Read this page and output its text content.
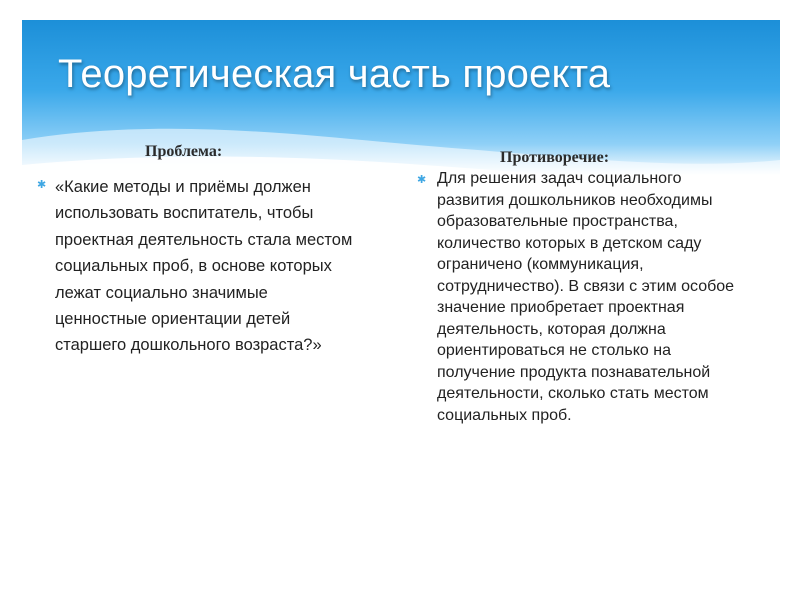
Теоретическая часть проекта
Проблема:
✱ «Какие методы и приёмы должен использовать воспитатель, чтобы проектная деятельность стала местом социальных проб, в основе которых лежат социально значимые ценностные ориентации детей старшего дошкольного возраста?»

Противоречие:
✱ Для решения задач социального развития дошкольников необходимы образовательные пространства, количество которых в детском саду ограничено (коммуникация, сотрудничество). В связи с этим особое значение приобретает проектная деятельность, которая должна ориентироваться не столько на получение продукта познавательной деятельности, сколько стать местом социальных проб.
